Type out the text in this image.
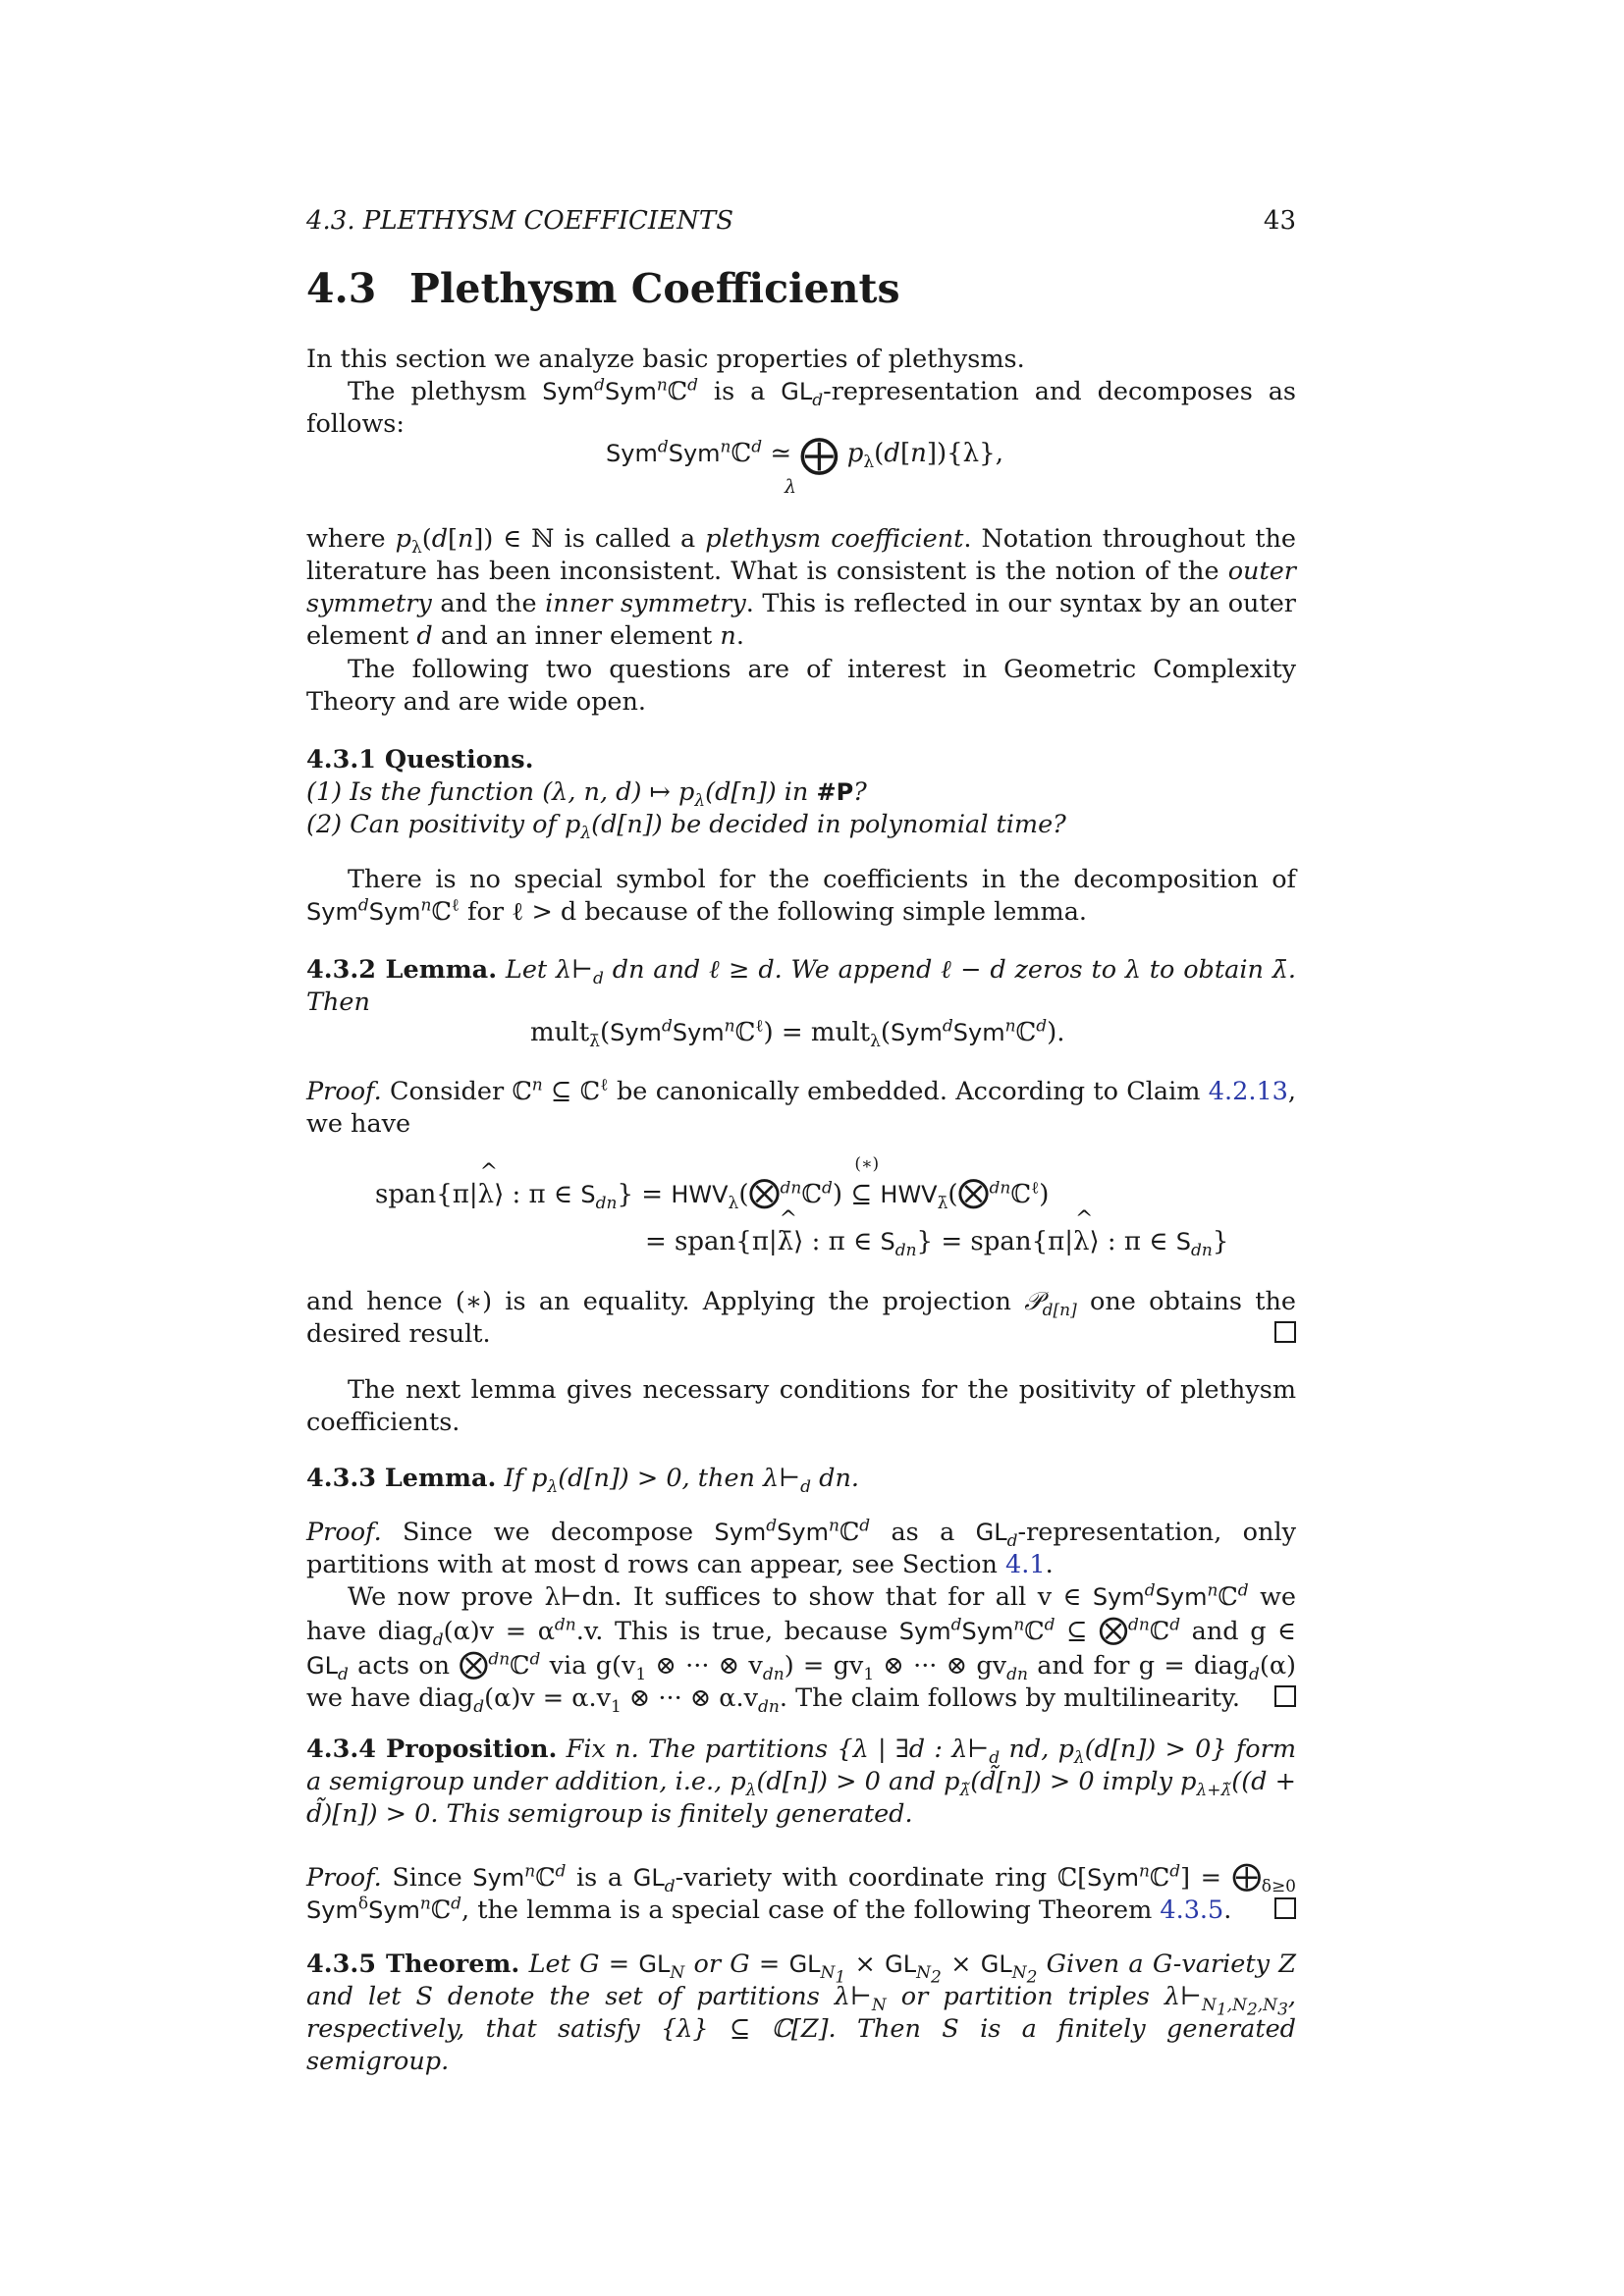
4.3. PLETHYSM COEFFICIENTS	43
4.3 Plethysm Coefficients
In this section we analyze basic properties of plethysms.
The plethysm Sym$^d$Sym$^n$ℂ$^d$ is a $GL_d$-representation and decomposes as follows:
Sym$^d$Sym$^n$ℂ$^d$ ≃ ⨁ $p_\lambda(d[n])\{\lambda\}$,
λ
where $p_\lambda(d[n])$ ∈ ℕ is called a plethysm coefficient. Notation throughout the literature has been inconsistent. What is consistent is the notion of the outer symmetry and the inner symmetry. This is reflected in our syntax by an outer element d and an inner element n.
The following two questions are of interest in Geometric Complexity Theory and are wide open.
4.3.1 Questions.
(1) Is the function (λ, n, d) ↦ $p_\lambda(d[n])$ in #P?
(2) Can positivity of $p_\lambda(d[n])$ be decided in polynomial time?
There is no special symbol for the coefficients in the decomposition of Sym$^d$Sym$^n$ℂ$^\ell$ for ℓ > d because of the following simple lemma.
4.3.2 Lemma. Let $\lambda⊢_d$ dn and ℓ ≥ d. We append ℓ − d zeros to λ to obtain λ̄. Then
mult$_{\lambdā}$(Sym$^d$Sym$^n$ℂ$^\ell$) = mult$_\lambda$(Sym$^d$Sym$^n$ℂ$^d$).
Proof. Consider ℂ$^n$ ⊆ ℂ$^\ell$ be canonically embedded. According to Claim 4.2.13, we have
span{π|^ λ⟩ : π ∈ $S_{dn}$} = $HWV_\lambda(⨂^{dn}ℂ^d)$ ⊆
(∗)
$HWV_{\lambdā}(⨂^{dn}ℂ^\ell)$
= span{π|^ λ̄⟩ : π ∈ $S_{dn}$} = span{π|^ λ⟩ : π ∈ $S_{dn}$}
and hence (∗) is an equality. Applying the projection 𝒫$_{d[n]}$ one obtains the desired result.
The next lemma gives necessary conditions for the positivity of plethysm coefficients.
4.3.3 Lemma. If $p_\lambda(d[n]) > 0$, then $\lambda⊢_d$ dn.
Proof. Since we decompose Sym$^d$Sym$^n$ℂ$^d$ as a $GL_d$-representation, only partitions with at most d rows can appear, see Section 4.1.
We now prove λ⊢dn. It suffices to show that for all v ∈ Sym$^d$Sym$^n$ℂ$^d$ we have diag$_d$(α)v = $\alpha^{dn}.v$. This is true, because Sym$^d$Sym$^n$ℂ$^d$ ⊆ ⨂$^{dn}$ℂ$^d$ and g ∈ $GL_d$ acts on ⨂$^{dn}$ℂ$^d$ via $g(v_1$ ⊗ ··· ⊗ $v_{dn}) = gv_1$ ⊗ ··· ⊗ $gv_{dn}$ and for g = diag$_d$(α) we have diag$_d$(α)v = $\alpha.v_1$ ⊗ ··· ⊗ $\alpha.v_{dn}$. The claim follows by multilinearity.
4.3.4 Proposition. Fix n. The partitions {λ | ∃d : $\lambda⊢_d$ nd, $p_\lambda(d[n]) > 0$} form a semigroup under addition, i.e., $p_\lambda(d[n]) > 0$ and $p_{\lambdã}(d̃[n]) > 0$ imply $p_{\lambda+\lambdã}((d$ + d̃)[n]) > 0. This semigroup is finitely generated.
Proof. Since Sym$^n$ℂ$^d$ is a $GL_d$-variety with coordinate ring ℂ[Sym$^n$ℂ$^d$] = $⨁_{\delta\ge 0}$ Sym$^\delta$Sym$^n$ℂ$^d$, the lemma is a special case of the following Theorem 4.3.5.
4.3.5 Theorem. Let $G = GL_N$ or $G = GL_{N_1} \times GL_{N_2} \times GL_{N_2}$ Given a G-variety Z and let S denote the set of partitions $\lambda⊢_N$ or partition triples $\lambda⊢_{N_1,N_2,N_3}$, respectively, that satisfy {λ} ⊆ ℂ[Z]. Then S is a finitely generated semigroup.
